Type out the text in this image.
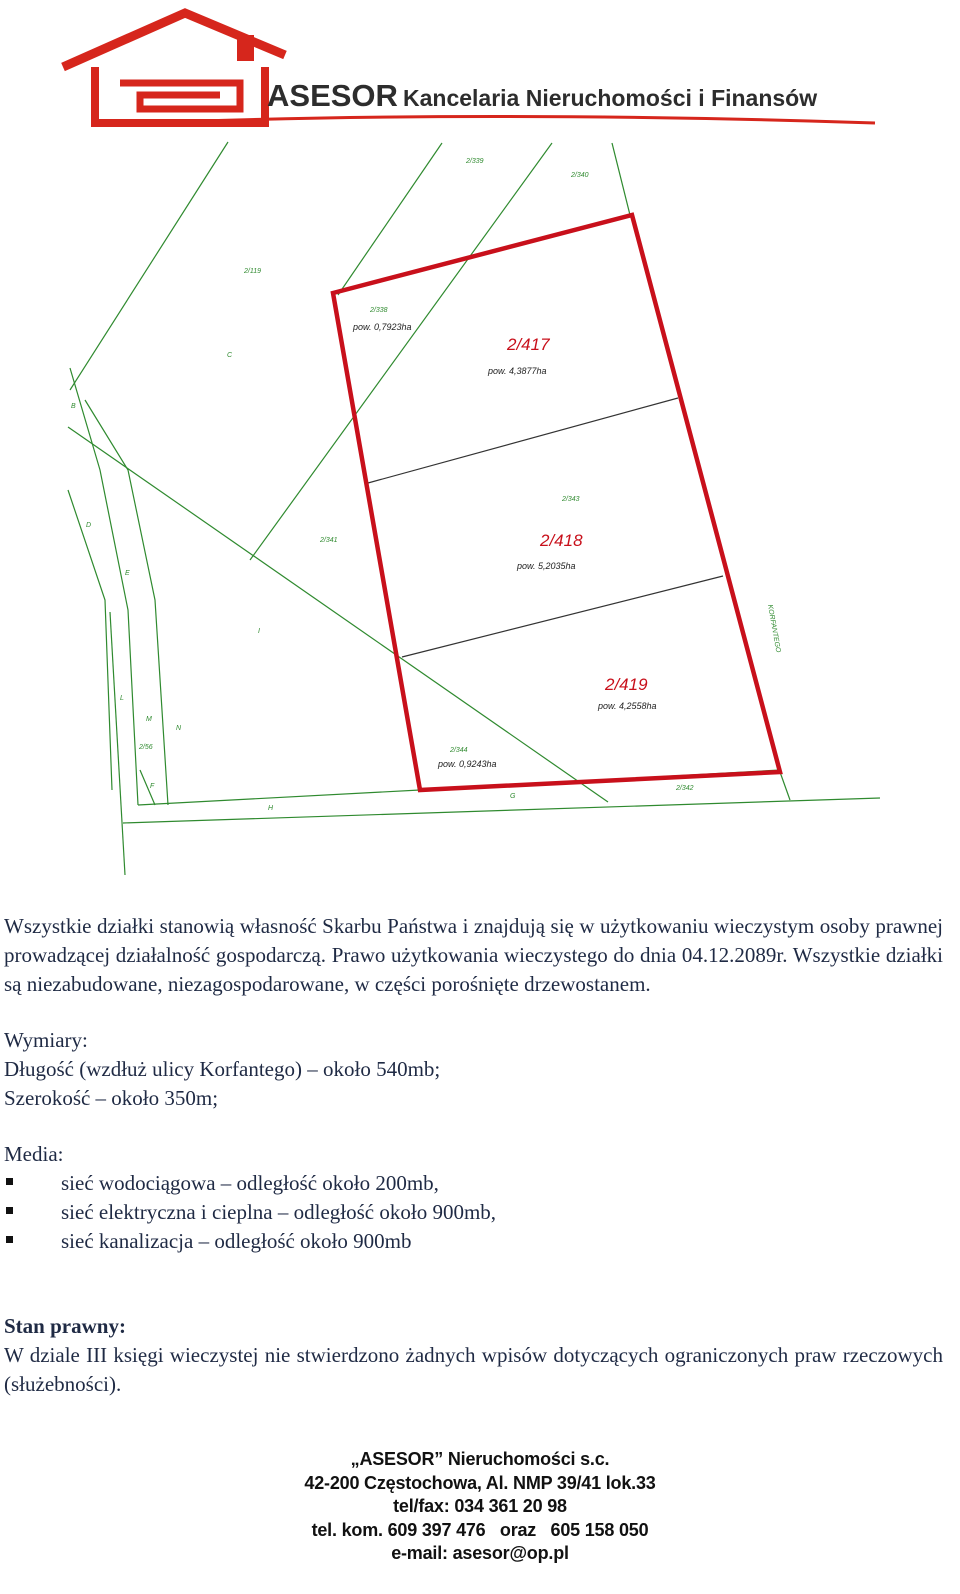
ASESOR Kancelaria Nieruchomości i Finansów
2/417
pow. 4,3877ha
2/418
pow. 5,2035ha
2/419
pow. 4,2558ha
2/339
2/340
2/119
2/338
pow. 0,7923ha
C
B
2/343
2/341
D
E
I	KORFANTEGO
L
M
N
2/56	2/344
pow. 0,9243ha
F
H
G
2/342

Wszystkie działki stanowią własność Skarbu Państwa i znajdują się w użytkowaniu wieczystym osoby prawnej prowadzącej działalność gospodarczą. Prawo użytkowania wieczystego do dnia 04.12.2089r. Wszystkie działki są niezabudowane, niezagospodarowane, w części porośnięte drzewostanem.

Wymiary:

Długość (wzdłuż ulicy Korfantego) – około 540mb;

Szerokość – około 350m;

Media:

sieć wodociągowa – odległość około 200mb,
sieć elektryczna i cieplna – odległość około 900mb,
sieć kanalizacja – odległość około 900mb

Stan prawny:

W dziale III księgi wieczystej nie stwierdzono żadnych wpisów dotyczących ograniczonych praw rzeczowych (służebności).

„ASESOR” Nieruchomości s.c.
42-200 Częstochowa, Al. NMP 39/41 lok.33
tel/fax: 034 361 20 98
tel. kom. 609 397 476   oraz   605 158 050
e-mail: asesor@op.pl
